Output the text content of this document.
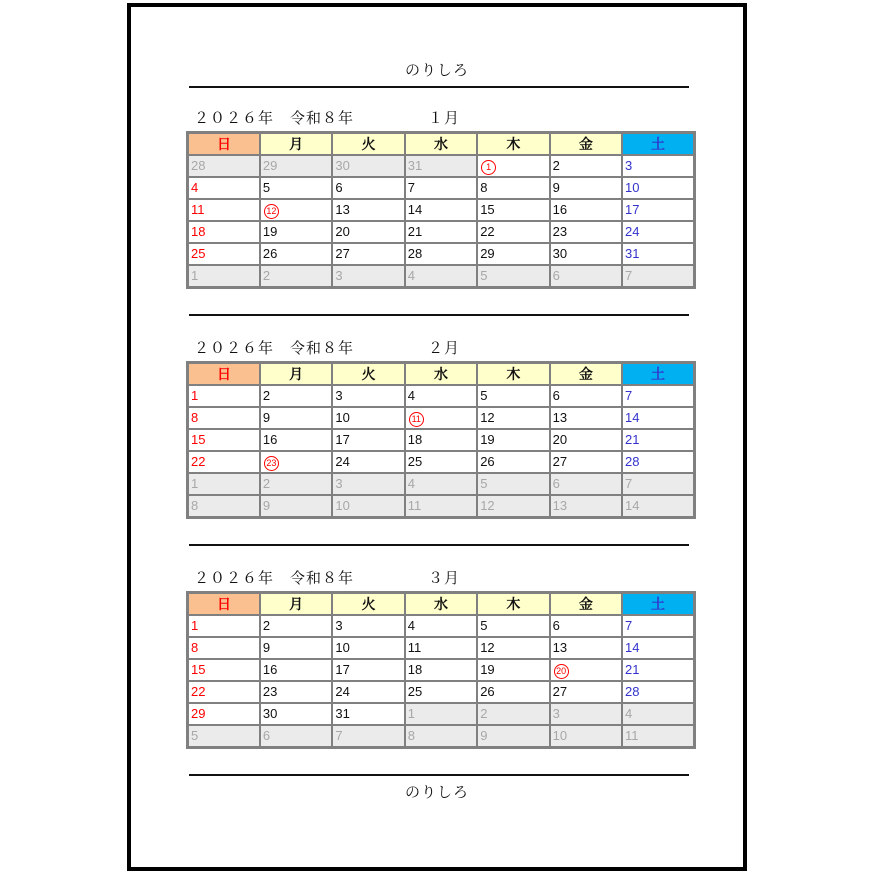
のりしろ
２０２６年　令和８年	１月
日	月	火	水	木	金	土
28	29	30	31	1	2	3
4	5	6	7	8	9	10
11	12	13	14	15	16	17
18	19	20	21	22	23	24
25	26	27	28	29	30	31
1	2	3	4	5	6	7
２０２６年　令和８年	２月
日	月	火	水	木	金	土
1	2	3	4	5	6	7
8	9	10	11	12	13	14
15	16	17	18	19	20	21
22	23	24	25	26	27	28
1	2	3	4	5	6	7
8	9	10	11	12	13	14
２０２６年　令和８年	３月
日	月	火	水	木	金	土
1	2	3	4	5	6	7
8	9	10	11	12	13	14
15	16	17	18	19	20	21
22	23	24	25	26	27	28
29	30	31	1	2	3	4
5	6	7	8	9	10	11
のりしろ
